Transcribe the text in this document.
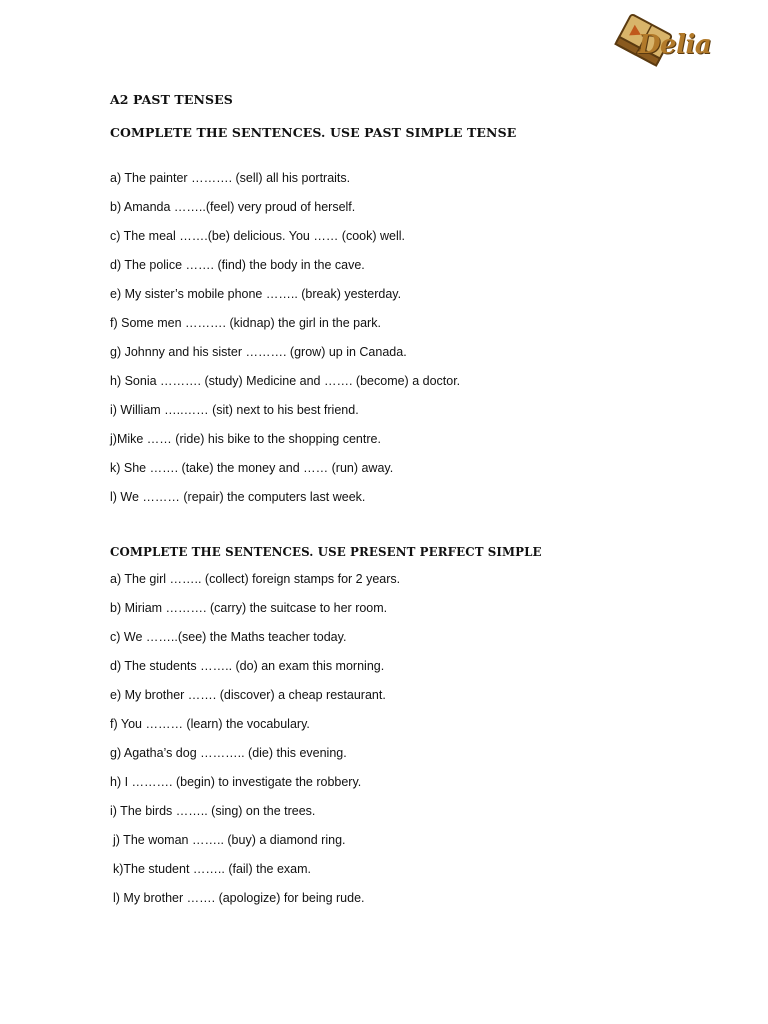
Delia
A2 PAST TENSES
COMPLETE THE SENTENCES. USE PAST SIMPLE TENSE
a) The painter ………. (sell) all his portraits.
b) Amanda ……..(feel) very proud of herself.
c) The meal …….(be) delicious. You …… (cook) well.
d) The police ……. (find) the body in the cave.
e) My sister’s mobile phone …….. (break) yesterday.
f) Some men ………. (kidnap) the girl in the park.
g) Johnny and his sister ………. (grow) up in Canada.
h) Sonia ………. (study) Medicine and ……. (become) a doctor.
i) William …..…… (sit) next to his best friend.
j)Mike …… (ride) his bike to the shopping centre.
k) She ……. (take) the money and …… (run) away.
l) We ……… (repair) the computers last week.
COMPLETE THE SENTENCES. USE PRESENT PERFECT SIMPLE
a) The girl …….. (collect) foreign stamps for 2 years.
b) Miriam ………. (carry) the suitcase to her room.
c) We ……..(see) the Maths teacher today.
d) The students …….. (do) an exam this morning.
e) My brother ……. (discover) a cheap restaurant.
f) You ……… (learn) the vocabulary.
g) Agatha’s dog ……….. (die) this evening.
h) I ………. (begin) to investigate the robbery.
i) The birds …….. (sing) on the trees.
j) The woman …….. (buy) a diamond ring.
k)The student …….. (fail) the exam.
l) My brother ……. (apologize) for being rude.
